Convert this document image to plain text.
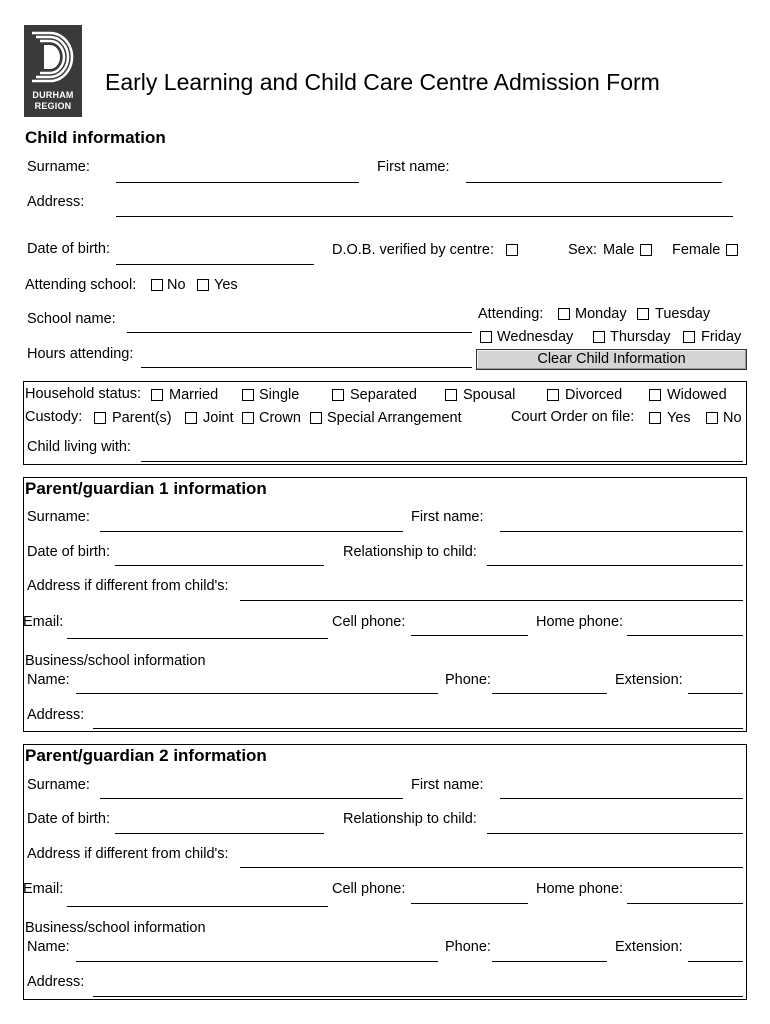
DURHAM
REGION
Early Learning and Child Care Centre Admission Form
Child information
Surname:	First name:
Address:
Date of birth:	D.O.B. verified by centre:	Sex: Male	Female
Attending school: No Yes
School name:
Hours attending:
Attending: Monday Tuesday
Wednesday	Thursday Friday
Clear Child Information
Household status: Married	Single	Separated	Spousal	Divorced	Widowed
Custody: Parent(s) Joint Crown Special Arrangement	Court Order on file: Yes No
Child living with:
Parent/guardian 1 information
Surname:	First name:
Date of birth:	Relationship to child:
Address if different from child's:
Email:	Cell phone:	Home phone:
Business/school information
Name:	Phone:	Extension:
Address:
Parent/guardian 2 information
Surname:	First name:
Date of birth:	Relationship to child:
Address if different from child's:
Email:	Cell phone:	Home phone:
Business/school information
Name:	Phone:	Extension:
Address:
